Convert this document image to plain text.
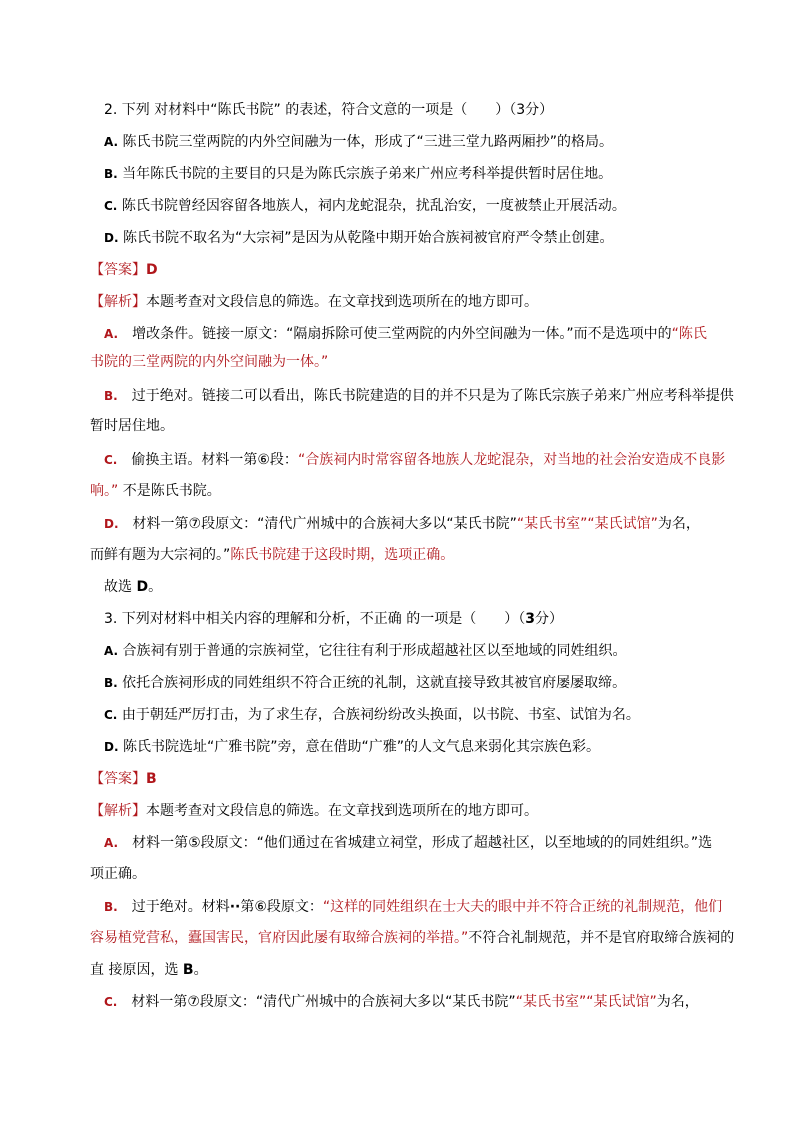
2. 下列 对材料中“陈氏书院” 的表述，符合文意的一项是（　　）（3分）
A. 陈氏书院三堂两院的内外空间融为一体，形成了“三进三堂九路两厢抄”的格局。
B. 当年陈氏书院的主要目的只是为陈氏宗族子弟来广州应考科举提供暂时居住地。
C. 陈氏书院曾经因容留各地族人，祠内龙蛇混杂，扰乱治安，一度被禁止开展活动。
D. 陈氏书院不取名为“大宗祠”是因为从乾隆中期开始合族祠被官府严令禁止创建。
【答案】D
【解析】本题考查对文段信息的筛选。在文章找到选项所在的地方即可。
A. 增改条件。链接一原文：“隔扇拆除可使三堂两院的内外空间融为一体。”而不是选项中的“陈氏
书院的三堂两院的内外空间融为一体。”
B. 过于绝对。链接二可以看出，陈氏书院建造的目的并不只是为了陈氏宗族子弟来广州应考科举提供
暂时居住地。
C. 偷换主语。材料一第⑥段：“合族祠内时常容留各地族人龙蛇混杂，对当地的社会治安造成不良影
响。” 不是陈氏书院。
D. 材料一第⑦段原文：“清代广州城中的合族祠大多以“某氏书院”“某氏书室”“某氏试馆”为名，
而鲜有题为大宗祠的。”陈氏书院建于这段时期，选项正确。
故选 D。
3. 下列对材料中相关内容的理解和分析，不正确 的一项是（　　）（3分）
A. 合族祠有别于普通的宗族祠堂，它往往有利于形成超越社区以至地域的同姓组织。
B. 依托合族祠形成的同姓组织不符合正统的礼制，这就直接导致其被官府屡屡取缔。
C. 由于朝廷严厉打击，为了求生存，合族祠纷纷改头换面，以书院、书室、试馆为名。
D. 陈氏书院选址“广雅书院”旁，意在借助“广雅”的人文气息来弱化其宗族色彩。
【答案】B
【解析】本题考查对文段信息的筛选。在文章找到选项所在的地方即可。
A. 材料一第⑤段原文：“他们通过在省城建立祠堂，形成了超越社区，以至地域的的同姓组织。”选
项正确。
B. 过于绝对。材料··第⑥段原文：“这样的同姓组织在士大夫的眼中并不符合正统的礼制规范，他们
容易植党营私，蠹国害民，官府因此屡有取缔合族祠的举措。”不符合礼制规范，并不是官府取缔合族祠的
直 接原因，选 B。
C. 材料一第⑦段原文：“清代广州城中的合族祠大多以“某氏书院”“某氏书室”“某氏试馆”为名，
